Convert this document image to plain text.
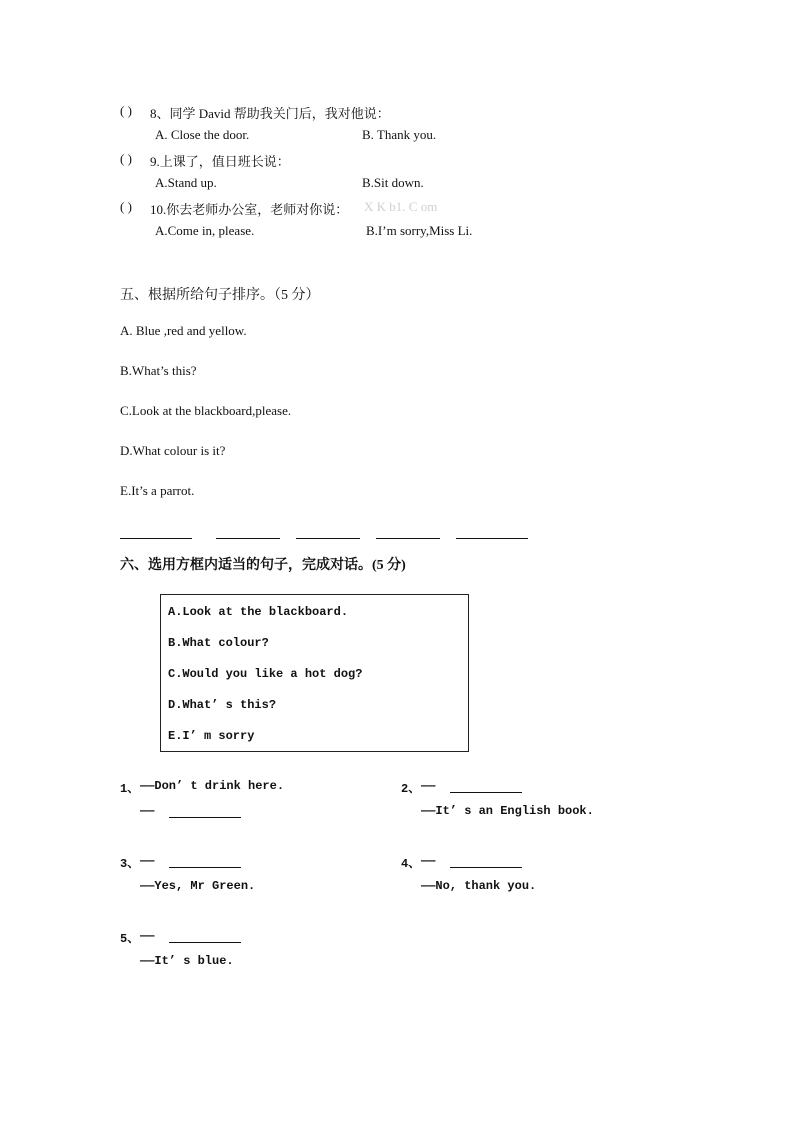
( ) 8、同学 David 帮助我关门后，我对他说：
A. Close the door.	B. Thank you.
( ) 9.上课了，值日班长说：
A.Stand up.	B.Sit down.
( ) 10.你去老师办公室，老师对你说： X K b1. C om
A.Come in, please.	B.I’m sorry,Miss Li.
五、根据所给句子排序。（5 分）
A. Blue ,red and yellow.
B.What’s this?
C.Look at the blackboard,please.
D.What colour is it?
E.It’s a parrot.
六、选用方框内适当的句子，完成对话。(5 分)
A.Look at the blackboard.
B.What colour?
C.Would you like a hot dog?
D.What’ s this?
E.I’ m sorry
1、 ——Don’ t drink here.
——
2、 ——
——It’ s an English book.
3、 ——
——Yes, Mr Green.
4、 ——
——No, thank you.
5、 ——
——It’ s blue.
